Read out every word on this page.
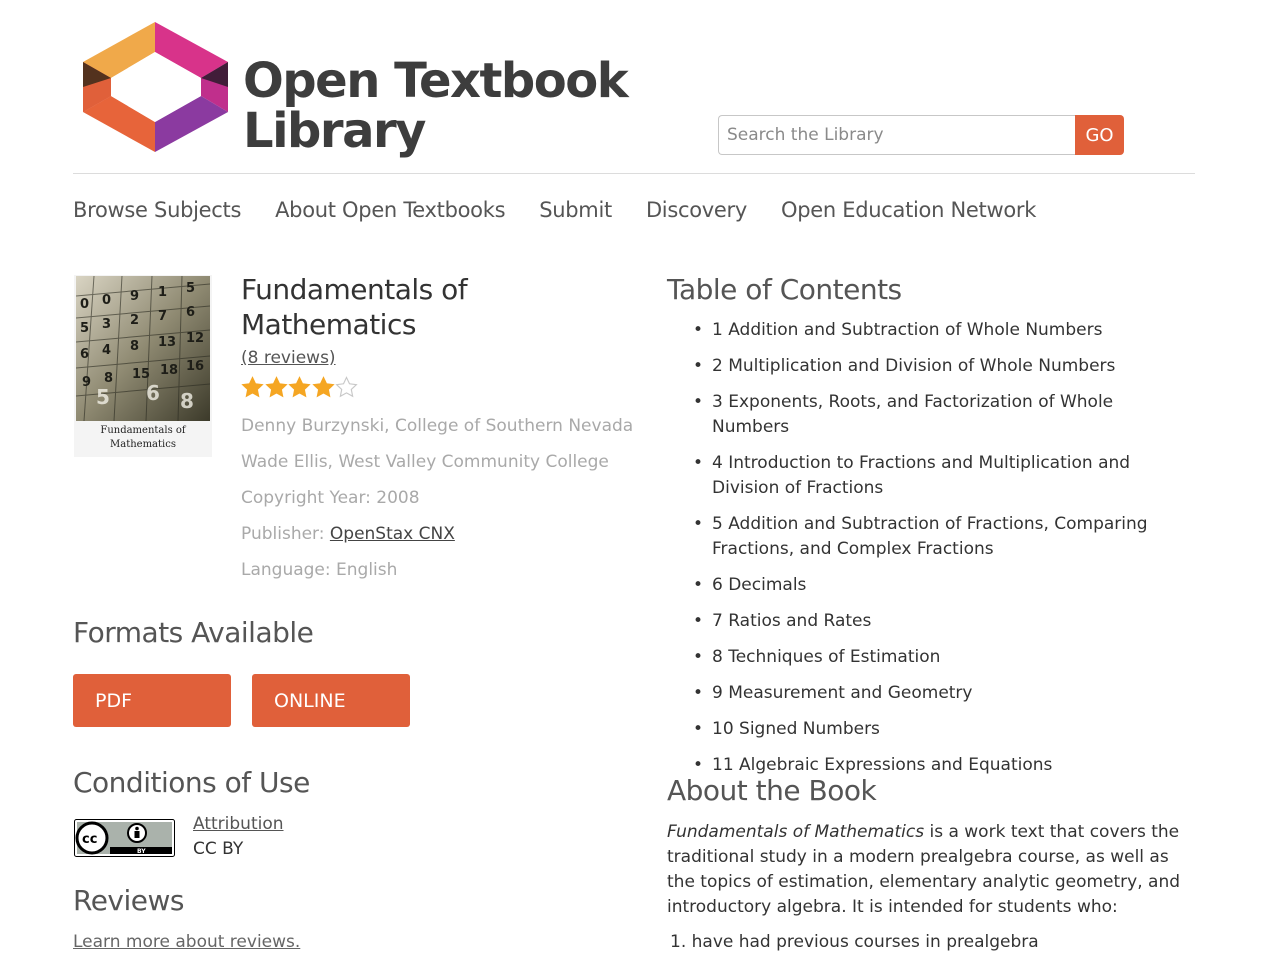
Open Textbook
Library
Search the Library	GO
Browse Subjects About Open Textbooks Submit Discovery Open Education Network
0 0 9 1 5
5 3 2 7 6
6 4 8 13 12
9 8 15 18 16
5 6 8
Fundamentals of Mathematics
Fundamentals of Mathematics
(8 reviews)
Denny Burzynski, College of Southern Nevada
Wade Ellis, West Valley Community College
Copyright Year: 2008
Publisher: OpenStax CNX
Language: English
Formats Available
PDF	ONLINE
Conditions of Use
BY
cc
Attribution
CC BY
Reviews
Learn more about reviews.
Table of Contents
• 1 Addition and Subtraction of Whole Numbers
• 2 Multiplication and Division of Whole Numbers
• 3 Exponents, Roots, and Factorization of Whole Numbers
• 4 Introduction to Fractions and Multiplication and Division of Fractions
• 5 Addition and Subtraction of Fractions, Comparing Fractions, and Complex Fractions
• 6 Decimals
• 7 Ratios and Rates
• 8 Techniques of Estimation
• 9 Measurement and Geometry
• 10 Signed Numbers
• 11 Algebraic Expressions and Equations
About the Book

Fundamentals of Mathematics is a work text that covers the traditional study in a modern prealgebra course, as well as the topics of estimation, elementary analytic geometry, and introductory algebra. It is intended for students who:

1. have had previous courses in prealgebra
